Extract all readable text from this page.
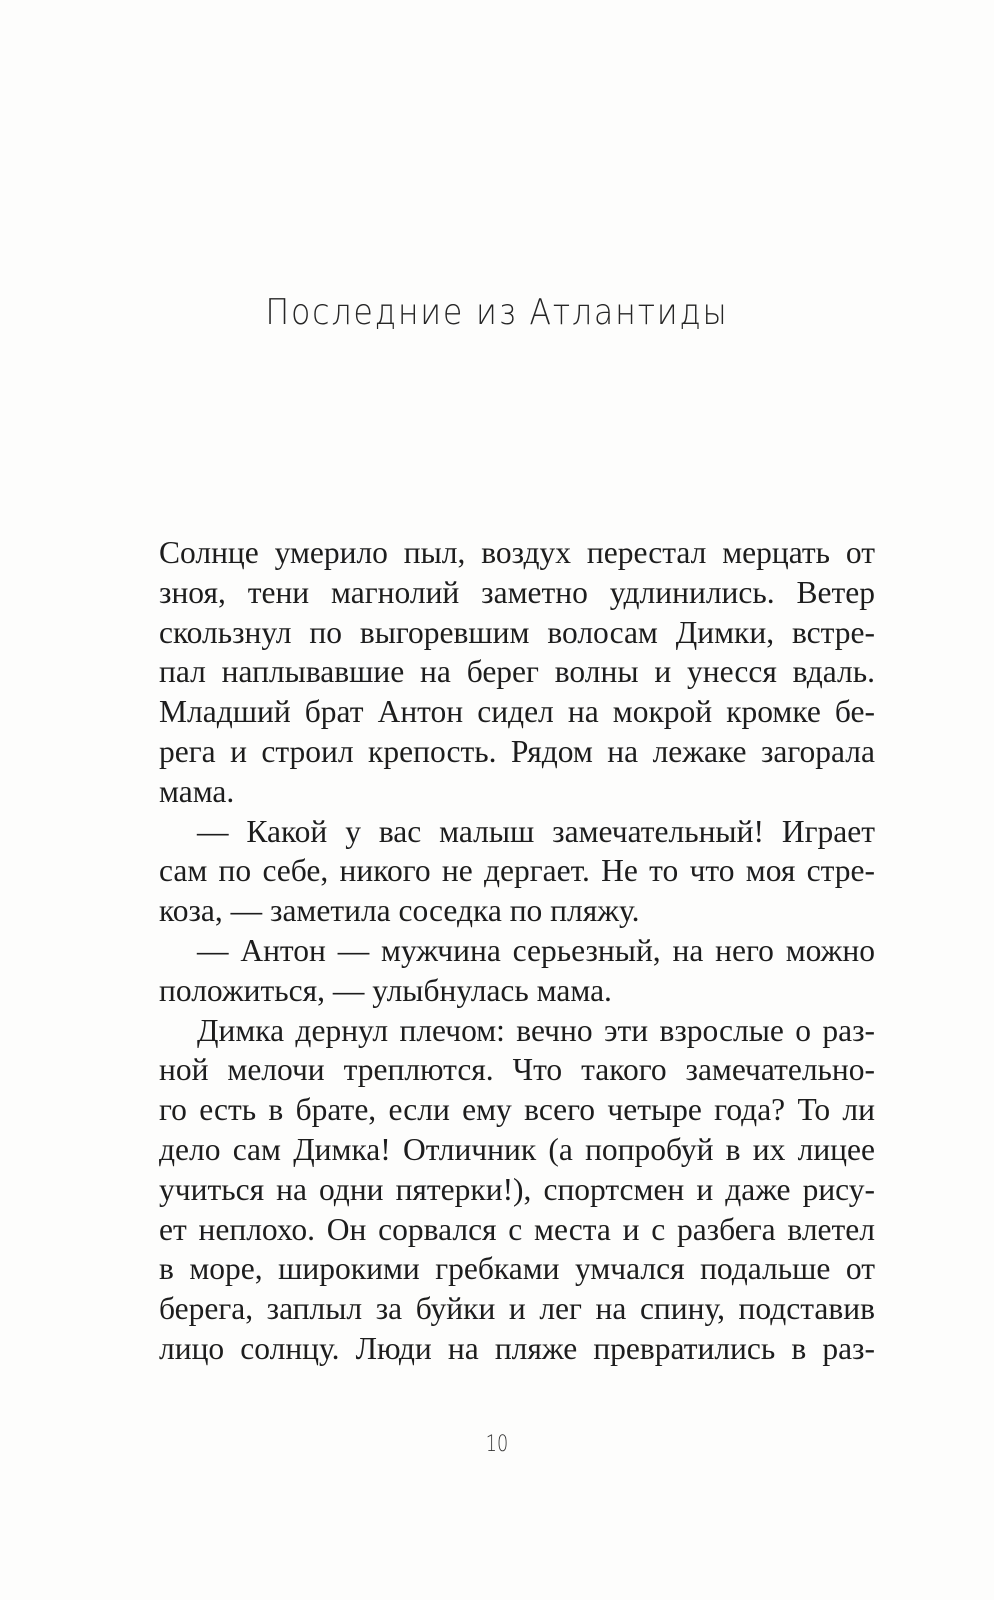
Последние из Атлантиды
Солнце умерило пыл, воздух перестал мерцать от
зноя, тени магнолий заметно удлинились. Ветер
скользнул по выгоревшим волосам Димки, встре-
пал наплывавшие на берег волны и унесся вдаль.
Младший брат Антон сидел на мокрой кромке бе-
рега и строил крепость. Рядом на лежаке загорала
мама.
— Какой у вас малыш замечательный! Играет
сам по себе, никого не дергает. Не то что моя стре-
коза, — заметила соседка по пляжу.
— Антон — мужчина серьезный, на него можно
положиться, — улыбнулась мама.
Димка дернул плечом: вечно эти взрослые о раз-
ной мелочи треплются. Что такого замечательно-
го есть в брате, если ему всего четыре года? То ли
дело сам Димка! Отличник (а попробуй в их лицее
учиться на одни пятерки!), спортсмен и даже рису-
ет неплохо. Он сорвался с места и с разбега влетел
в море, широкими гребками умчался подальше от
берега, заплыл за буйки и лег на спину, подставив
лицо солнцу. Люди на пляже превратились в раз-
10
